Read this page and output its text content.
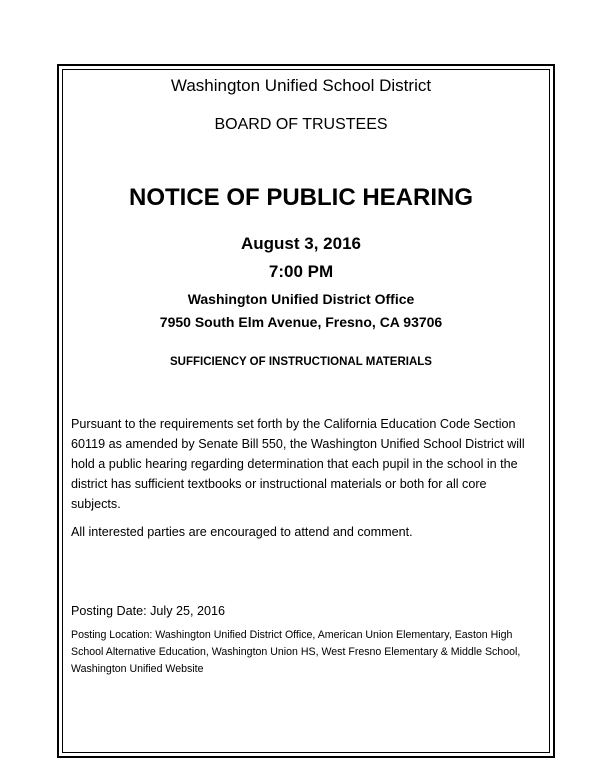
Washington Unified School District
BOARD OF TRUSTEES
NOTICE OF PUBLIC HEARING
August 3, 2016
7:00 PM
Washington Unified District Office
7950 South Elm Avenue, Fresno, CA 93706
SUFFICIENCY OF INSTRUCTIONAL MATERIALS
Pursuant to the requirements set forth by the California Education Code Section
60119 as amended by Senate Bill 550, the Washington Unified School District will
hold a public hearing regarding determination that each pupil in the school in the
district has sufficient textbooks or instructional materials or both for all core
subjects.
All interested parties are encouraged to attend and comment.
Posting Date: July 25, 2016
Posting Location: Washington Unified District Office, American Union Elementary, Easton High
School Alternative Education, Washington Union HS, West Fresno Elementary & Middle School,
Washington Unified Website
